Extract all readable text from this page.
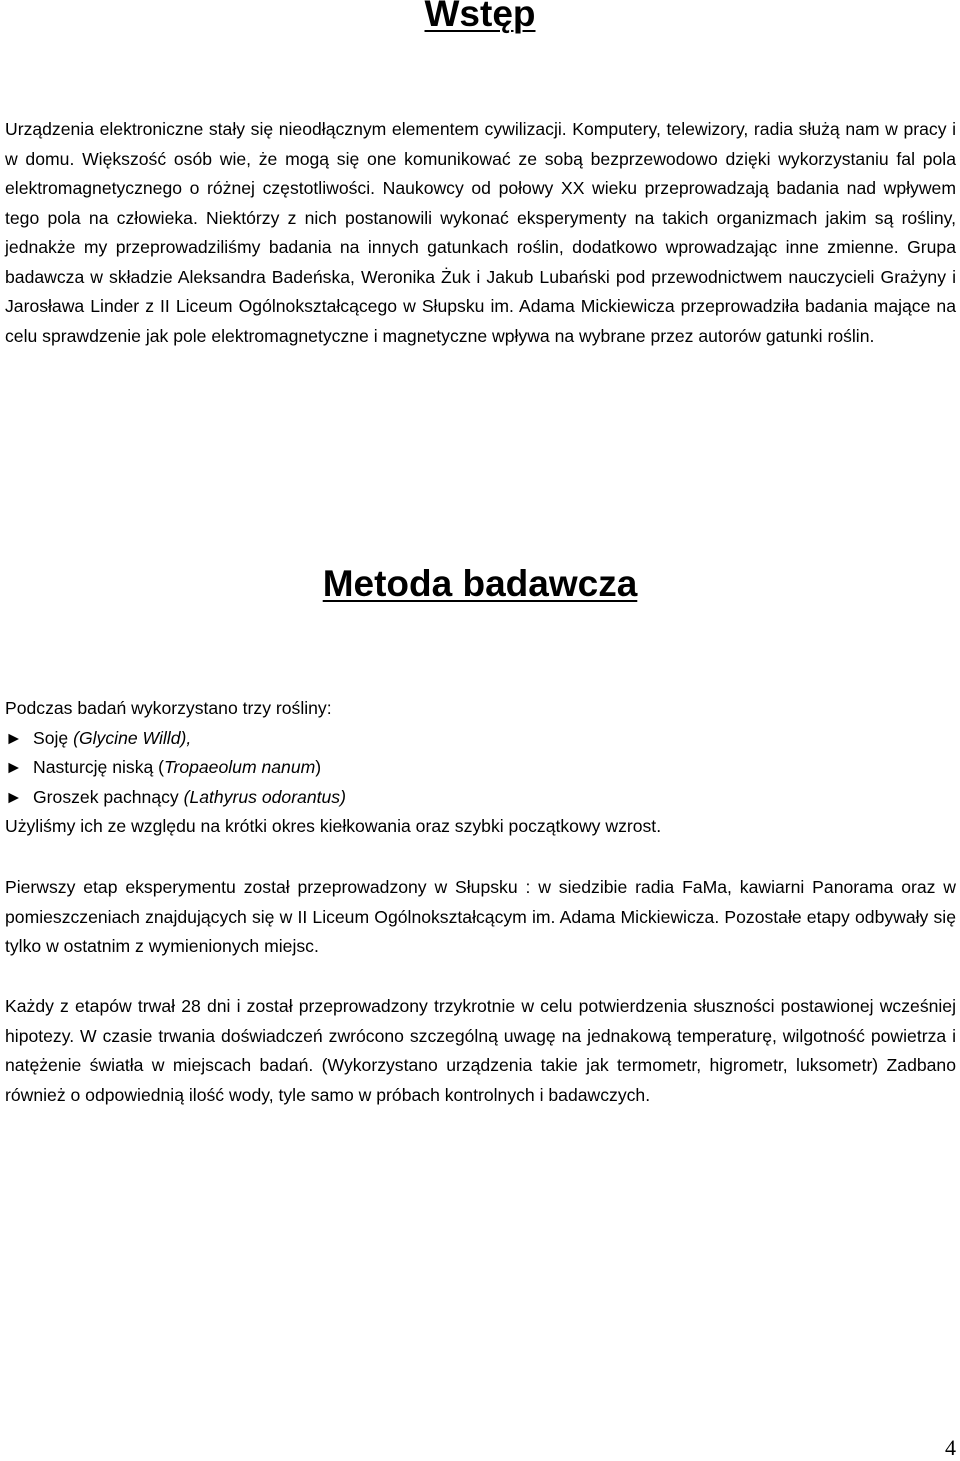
Wstęp

Urządzenia elektroniczne stały się nieodłącznym elementem cywilizacji. Komputery, telewizory, radia służą nam w pracy i w domu. Większość osób wie, że mogą się one komunikować ze sobą bezprzewodowo dzięki wykorzystaniu fal pola elektromagnetycznego o różnej częstotliwości. Naukowcy od połowy XX wieku przeprowadzają badania nad wpływem tego pola na człowieka. Niektórzy z nich postanowili wykonać eksperymenty na takich organizmach jakim są rośliny, jednakże my przeprowadziliśmy badania na innych gatunkach roślin, dodatkowo wprowadzając inne zmienne. Grupa badawcza w składzie Aleksandra Badeńska, Weronika Żuk i Jakub Lubański pod przewodnictwem nauczycieli Grażyny i Jarosława Linder z II Liceum Ogólnokształcącego w Słupsku im. Adama Mickiewicza przeprowadziła badania mające na celu sprawdzenie jak pole elektromagnetyczne i magnetyczne wpływa na wybrane przez autorów gatunki roślin.

Metoda badawcza
Podczas badań wykorzystano trzy rośliny:
► Soję (Glycine Willd),
► Nasturcję niską (Tropaeolum nanum)
► Groszek pachnący (Lathyrus odorantus)
Użyliśmy ich ze względu na krótki okres kiełkowania oraz szybki początkowy wzrost.

Pierwszy etap eksperymentu został przeprowadzony w Słupsku : w siedzibie radia FaMa, kawiarni Panorama oraz w pomieszczeniach znajdujących się w II Liceum Ogólnokształcącym im. Adama Mickiewicza. Pozostałe etapy odbywały się tylko w ostatnim z wymienionych miejsc.

Każdy z etapów trwał 28 dni i został przeprowadzony trzykrotnie w celu potwierdzenia słuszności postawionej wcześniej hipotezy. W czasie trwania doświadczeń zwrócono szczególną uwagę na jednakową temperaturę, wilgotność powietrza i natężenie światła w miejscach badań. (Wykorzystano urządzenia takie jak termometr, higrometr, luksometr) Zadbano również o odpowiednią ilość wody, tyle samo w próbach kontrolnych i badawczych.

4
